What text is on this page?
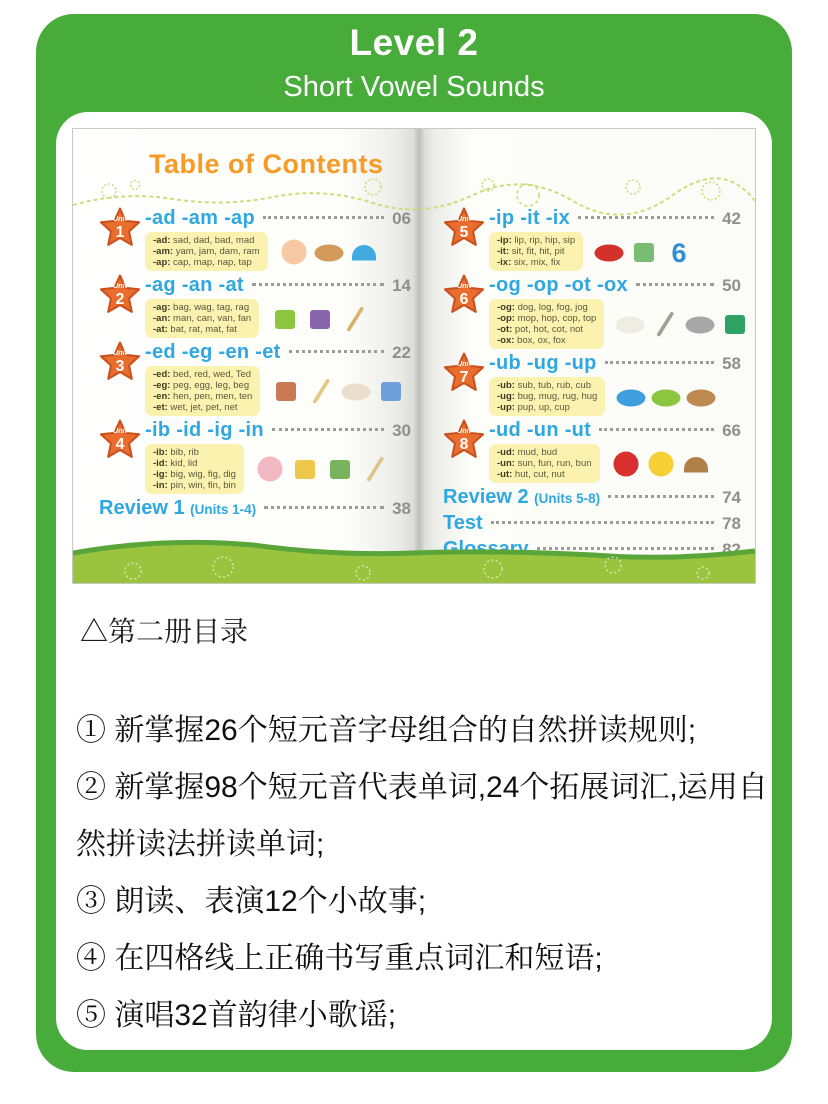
Level 2
Short Vowel Sounds
Table of Contents
Unit
1
-ad -am -ap	06
-ad: sad, dad, bad, mad
-am: yam, jam, dam, ram
-ap: cap, map, nap, tap
Unit
2
-ag -an -at	14
-ag: bag, wag, tag, rag
-an: man, can, van, fan
-at: bat, rat, mat, fat
Unit
3
-ed -eg -en -et	22
-ed: bed, red, wed, Ted
-eg: peg, egg, leg, beg
-en: hen, pen, men, ten
-et: wet, jet, pet, net
Unit
4
-ib -id -ig -in	30
-ib: bib, rib
-id: kid, lid
-ig: big, wig, fig, dig
-in: pin, win, fin, bin
Review 1 (Units 1-4)	38
Unit
5
-ip -it -ix	42
-ip: lip, rip, hip, sip
-it: sit, fit, hit, pit
-ix: six, mix, fix	6
Unit
6
-og -op -ot -ox	50
-og: dog, log, fog, jog
-op: mop, hop, cop, top
-ot: pot, hot, cot, not
-ox: box, ox, fox
Unit
7
-ub -ug -up	58
-ub: sub, tub, rub, cub
-ug: bug, mug, rug, hug
-up: pup, up, cup
Unit
8
-ud -un -ut	66
-ud: mud, bud
-un: sun, fun, run, bun
-ut: hut, cut, nut
Review 2 (Units 5-8)	74
Test	78
Glossary	82
△第二册目录
① 新掌握26个短元音字母组合的自然拼读规则;
② 新掌握98个短元音代表单词,24个拓展词汇,运用自然拼读法拼读单词;
③ 朗读、表演12个小故事;
④ 在四格线上正确书写重点词汇和短语;
⑤ 演唱32首韵律小歌谣;
